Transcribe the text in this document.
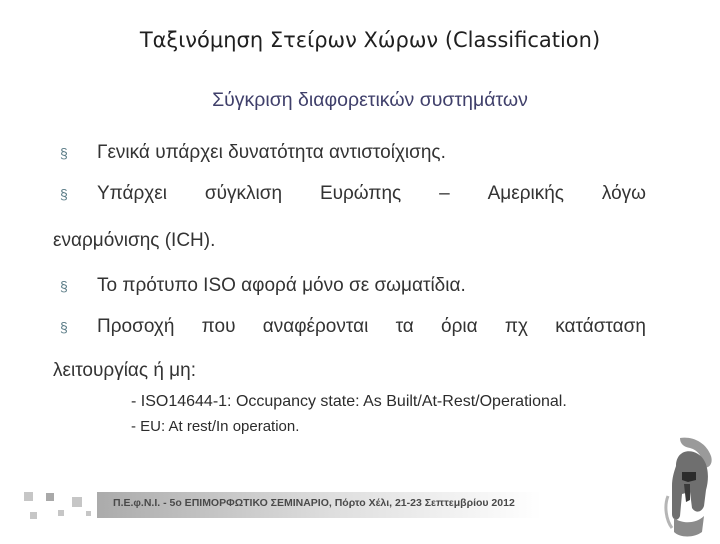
Ταξινόμηση Στείρων Χώρων (Classification)
Σύγκριση διαφορετικών συστημάτων
§ Γενικά υπάρχει δυνατότητα αντιστοίχισης.
§ Υπάρχει σύγκλιση Ευρώπης – Αμερικής λόγω
εναρμόνισης (ICH).
§ Το πρότυπο ISO αφορά μόνο σε σωματίδια.
§ Προσοχή που αναφέρονται τα όρια πχ κατάσταση
λειτουργίας ή μη:
- ISO14644-1: Occupancy state: As Built/At-Rest/Operational.
- EU: At rest/In operation.
Π.Ε.φ.Ν.Ι. - 5ο ΕΠΙΜΟΡΦΩΤΙΚΟ ΣΕΜΙΝΑΡΙΟ, Πόρτο Χέλι, 21-23 Σεπτεμβρίου 2012
